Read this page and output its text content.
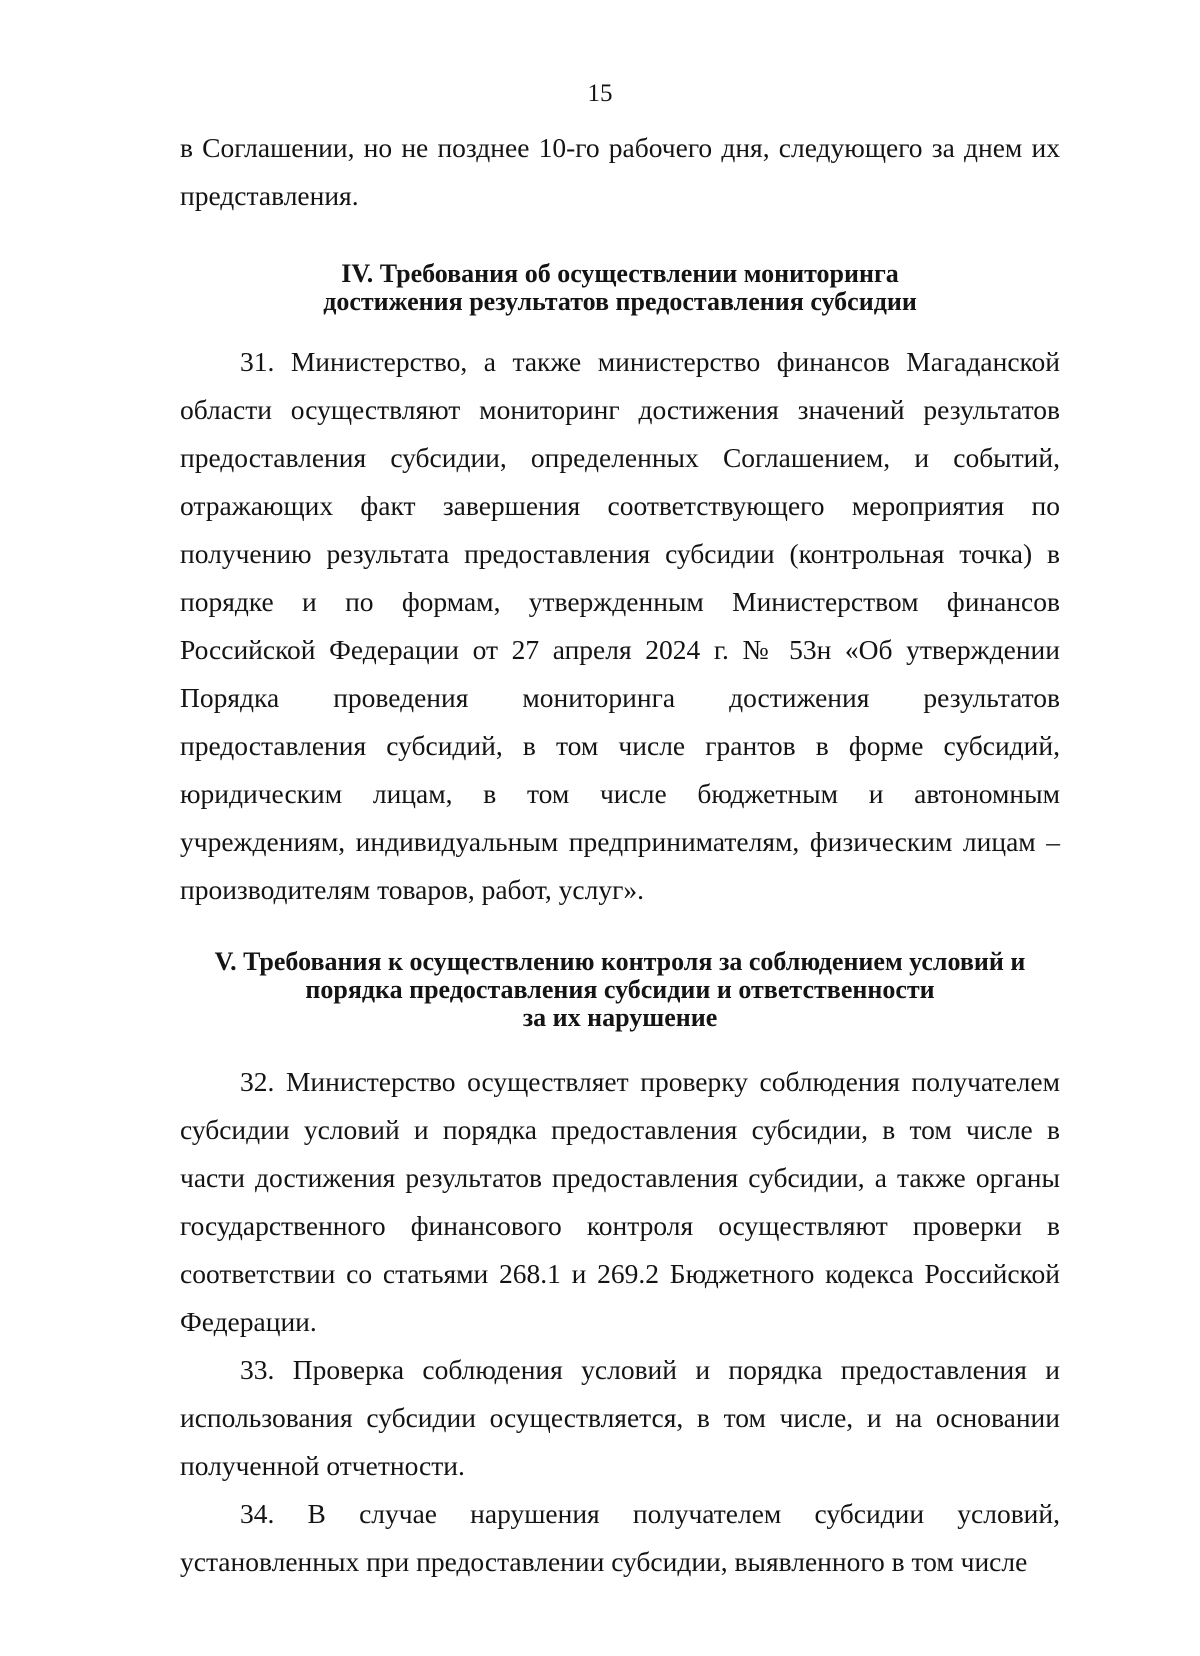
15

в Соглашении, но не позднее 10-го рабочего дня, следующего за днем их представления.

IV. Требования об осуществлении мониторинга
достижения результатов предоставления субсидии

31. Министерство, а также министерство финансов Магаданской области осуществляют мониторинг достижения значений результатов предоставления субсидии, определенных Соглашением, и событий, отражающих факт завершения соответствующего мероприятия по получению результата предоставления субсидии (контрольная точка) в порядке и по формам, утвержденным Министерством финансов Российской Федерации от 27 апреля 2024 г. № 53н «Об утверждении Порядка проведения мониторинга достижения результатов предоставления субсидий, в том числе грантов в форме субсидий, юридическим лицам, в том числе бюджетным и автономным учреждениям, индивидуальным предпринимателям, физическим лицам – производителям товаров, работ, услуг».

V. Требования к осуществлению контроля за соблюдением условий и
порядка предоставления субсидии и ответственности
за их нарушение

32. Министерство осуществляет проверку соблюдения получателем субсидии условий и порядка предоставления субсидии, в том числе в части достижения результатов предоставления субсидии, а также органы государственного финансового контроля осуществляют проверки в соответствии со статьями 268.1 и 269.2 Бюджетного кодекса Российской Федерации.

33. Проверка соблюдения условий и порядка предоставления и использования субсидии осуществляется, в том числе, и на основании полученной отчетности.

34. В случае нарушения получателем субсидии условий, установленных при предоставлении субсидии, выявленного в том числе
